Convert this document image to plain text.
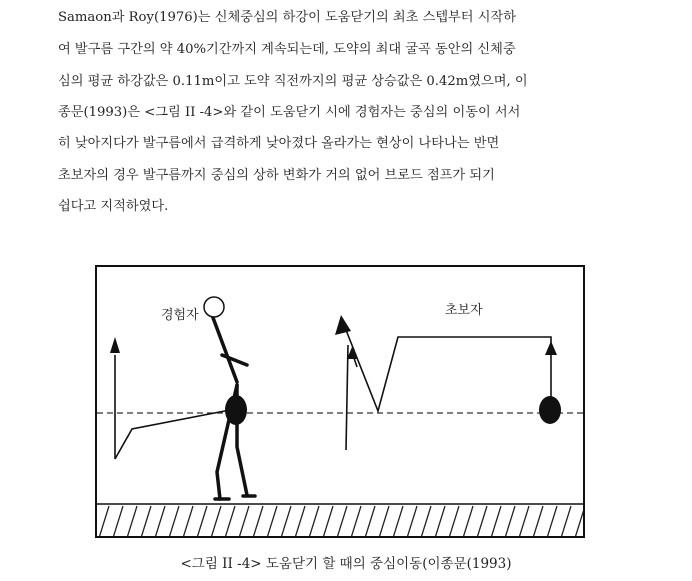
Samaon과 Roy(1976)는 신체중심의 하강이 도움닫기의 최초 스텝부터 시작하
여 발구름 구간의 약 40%기간까지 계속되는데, 도약의 최대 굴곡 동안의 신체중
심의 평균 하강값은 0.11m이고 도약 직전까지의 평균 상승값은 0.42m였으며, 이
종문(1993)은 <그림 II -4>와 같이 도움닫기 시에 경험자는 중심의 이동이 서서
히 낮아지다가 발구름에서 급격하게 낮아졌다 올라가는 현상이 나타나는 반면
초보자의 경우 발구름까지 중심의 상하 변화가 거의 없어 브로드 점프가 되기
쉽다고 지적하였다.
경험자	초보자
<그림 II -4> 도움닫기 할 때의 중심이동(이종문(1993)
